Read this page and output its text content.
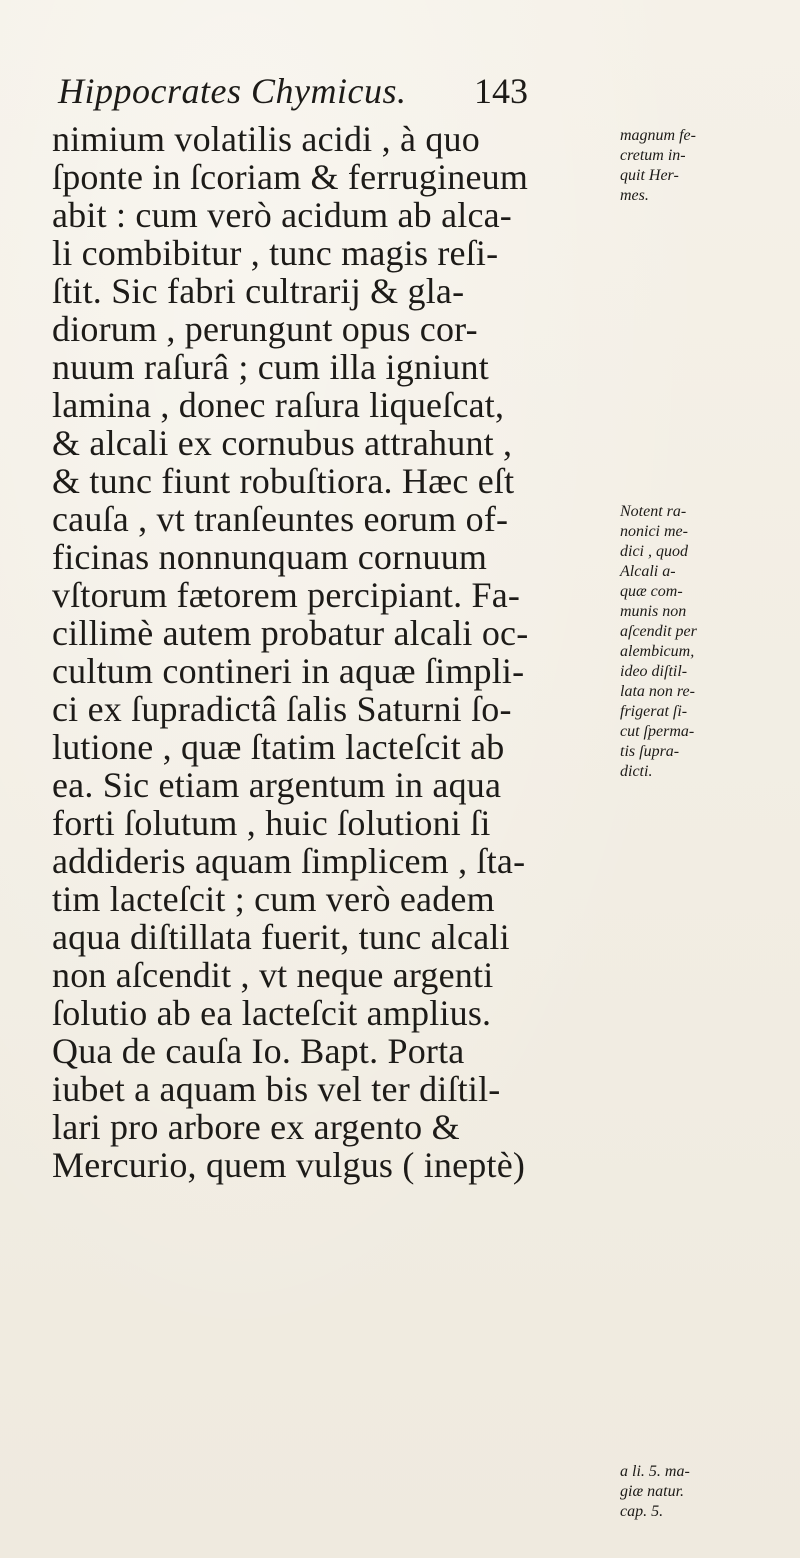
Hippocrates Chymicus. 143
nimium volatilis acidi , à quo
ſponte in ſcoriam & ferrugineum
abit : cum verò acidum ab alca-
li combibitur , tunc magis reſi-
ſtit. Sic fabri cultrarij & gla-
diorum , perungunt opus cor-
nuum raſurâ ; cum illa igniunt
lamina , donec raſura liqueſcat,
& alcali ex cornubus attrahunt ,
& tunc fiunt robuſtiora. Hæc eſt
cauſa , vt tranſeuntes eorum of-
ficinas nonnunquam cornuum
vſtorum fætorem percipiant. Fa-
cillimè autem probatur alcali oc-
cultum contineri in aquæ ſimpli-
ci ex ſupradictâ ſalis Saturni ſo-
lutione , quæ ſtatim lacteſcit ab
ea. Sic etiam argentum in aqua
forti ſolutum , huic ſolutioni ſi
addideris aquam ſimplicem , ſta-
tim lacteſcit ; cum verò eadem
aqua diſtillata fuerit, tunc alcali
non aſcendit , vt neque argenti
ſolutio ab ea lacteſcit amplius.
Qua de cauſa Io. Bapt. Porta
iubet a aquam bis vel ter diſtil-
lari pro arbore ex argento &
Mercurio, quem vulgus ( ineptè)
magnum fe-
cretum in-
quit Her-
mes.
Notent ra-
nonici me-
dici , quod
Alcali a-
quæ com-
munis non
aſcendit per
alembicum,
ideo diſtil-
lata non re-
frigerat ſi-
cut ſperma-
tis ſupra-
dicti.
a li. 5. ma-
giæ natur.
cap. 5.
